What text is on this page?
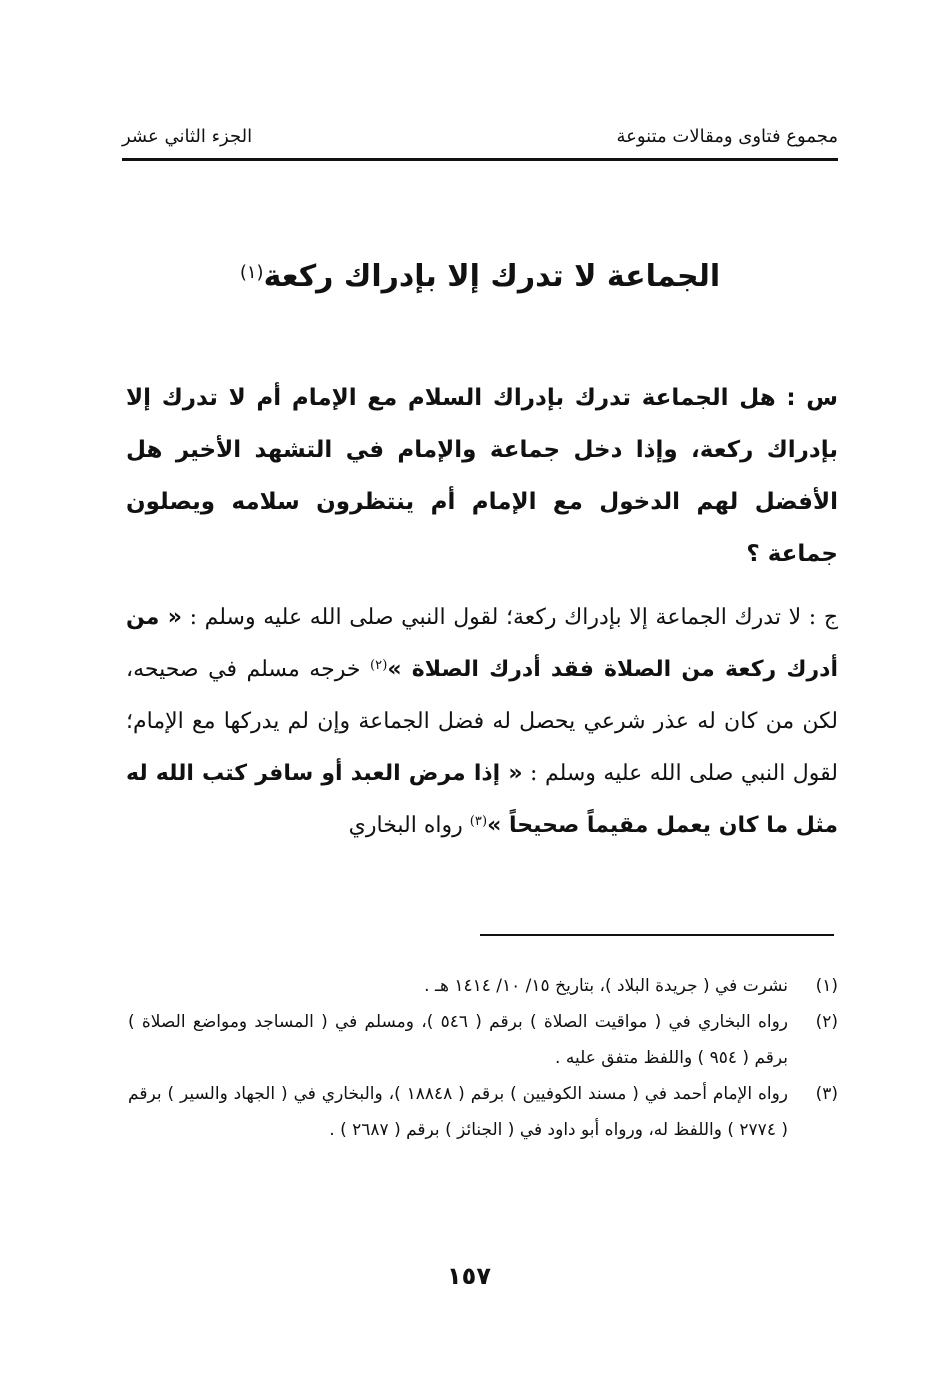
مجموع فتاوى ومقالات متنوعة
الجزء الثاني عشر
الجماعة لا تدرك إلا بإدراك ركعة$^{(١)}$

س : هل الجماعة تدرك بإدراك السلام مع الإمام أم لا تدرك إلا بإدراك ركعة، وإذا دخل جماعة والإمام في التشهد الأخير هل الأفضل لهم الدخول مع الإمام أم ينتظرون سلامه ويصلون جماعة ؟

ج : لا تدرك الجماعة إلا بإدراك ركعة؛ لقول النبي صلى الله عليه وسلم : « من أدرك ركعة من الصلاة فقد أدرك الصلاة »$^{(٢)}$ خرجه مسلم في صحيحه، لكن من كان له عذر شرعي يحصل له فضل الجماعة وإن لم يدركها مع الإمام؛ لقول النبي صلى الله عليه وسلم : « إذا مرض العبد أو سافر كتب الله له مثل ما كان يعمل مقيماً صحيحاً »$^{(٣)}$ رواه البخاري

(١)
نشرت في ( جريدة البلاد )، بتاريخ ١٥/ ١٠/ ١٤١٤ هـ .

(٢)
رواه البخاري في ( مواقيت الصلاة ) برقم ( ٥٤٦ )، ومسلم في ( المساجد ومواضع الصلاة ) برقم ( ٩٥٤ ) واللفظ متفق عليه .

(٣)
رواه الإمام أحمد في ( مسند الكوفيين ) برقم ( ١٨٨٤٨ )، والبخاري في ( الجهاد والسير ) برقم ( ٢٧٧٤ ) واللفظ له، ورواه أبو داود في ( الجنائز ) برقم ( ٢٦٨٧ ) .

١٥٧
